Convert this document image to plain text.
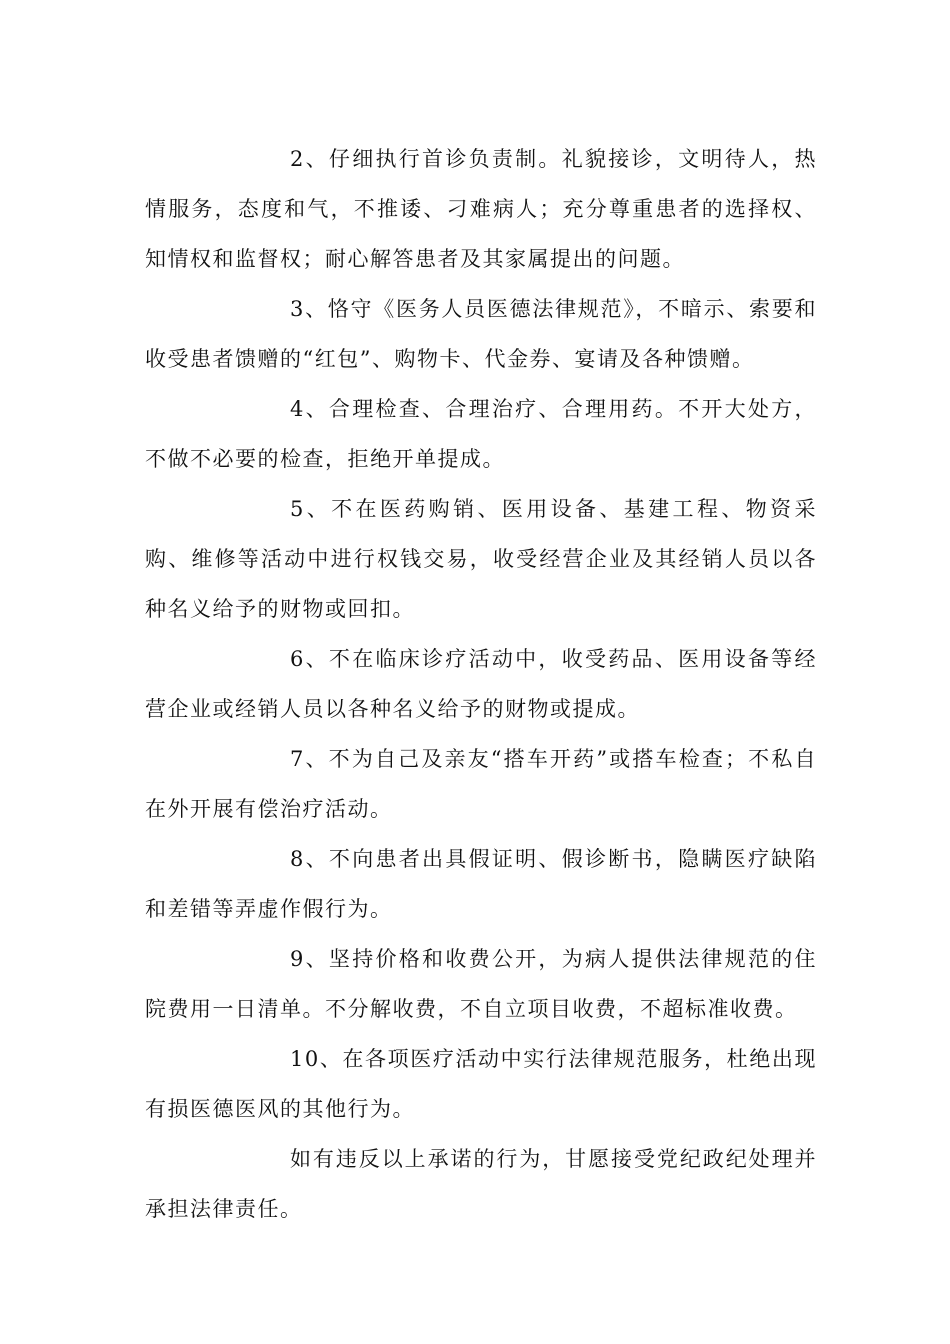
2、仔细执行首诊负责制。礼貌接诊，文明待人，热情服务，态度和气，不推诿、刁难病人；充分尊重患者的选择权、知情权和监督权；耐心解答患者及其家属提出的问题。

3、恪守《医务人员医德法律规范》，不暗示、索要和收受患者馈赠的“红包”、购物卡、代金券、宴请及各种馈赠。

4、合理检查、合理治疗、合理用药。不开大处方，不做不必要的检查，拒绝开单提成。

5、不在医药购销、医用设备、基建工程、物资采购、维修等活动中进行权钱交易，收受经营企业及其经销人员以各种名义给予的财物或回扣。

6、不在临床诊疗活动中，收受药品、医用设备等经营企业或经销人员以各种名义给予的财物或提成。

7、不为自己及亲友“搭车开药”或搭车检查；不私自在外开展有偿治疗活动。

8、不向患者出具假证明、假诊断书，隐瞒医疗缺陷和差错等弄虚作假行为。

9、坚持价格和收费公开，为病人提供法律规范的住院费用一日清单。不分解收费，不自立项目收费，不超标准收费。

10、在各项医疗活动中实行法律规范服务，杜绝出现有损医德医风的其他行为。

如有违反以上承诺的行为，甘愿接受党纪政纪处理并承担法律责任。
